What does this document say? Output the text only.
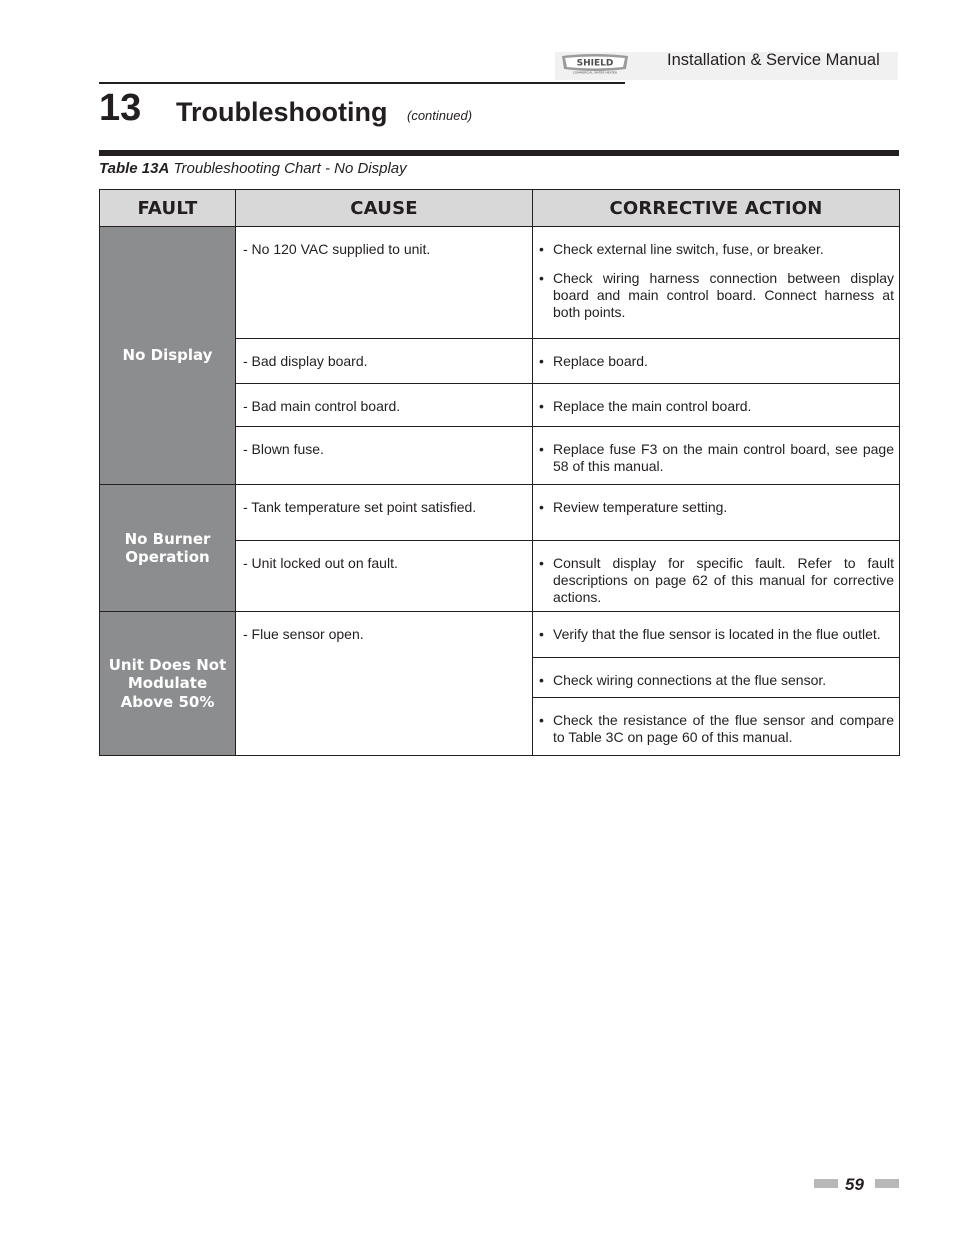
SHIELD
COMMERCIAL WATER HEATER
Installation & Service Manual
13 Troubleshooting (continued)
Table 13A Troubleshooting Chart - No Display
FAULT	CAUSE	CORRECTIVE ACTION
No Display	- No 120 VAC supplied to unit.	• Check external line switch, fuse, or breaker.
• Check wiring harness connection between display board and main control board. Connect harness at both points.

	- Bad display board.	• Replace board.

	- Bad main control board.	• Replace the main control board.

	- Blown fuse.	• Replace fuse F3 on the main control board, see page 58 of this manual.

No Burner Operation	- Tank temperature set point satisfied.	• Review temperature setting.

	- Unit locked out on fault.	• Consult display for specific fault. Refer to fault descriptions on page 62 of this manual for corrective actions.

Unit Does Not Modulate Above 50%	- Flue sensor open.	• Verify that the flue sensor is located in the flue outlet.

		• Check wiring connections at the flue sensor.

		• Check the resistance of the flue sensor and compare to Table 3C on page 60 of this manual.
59
